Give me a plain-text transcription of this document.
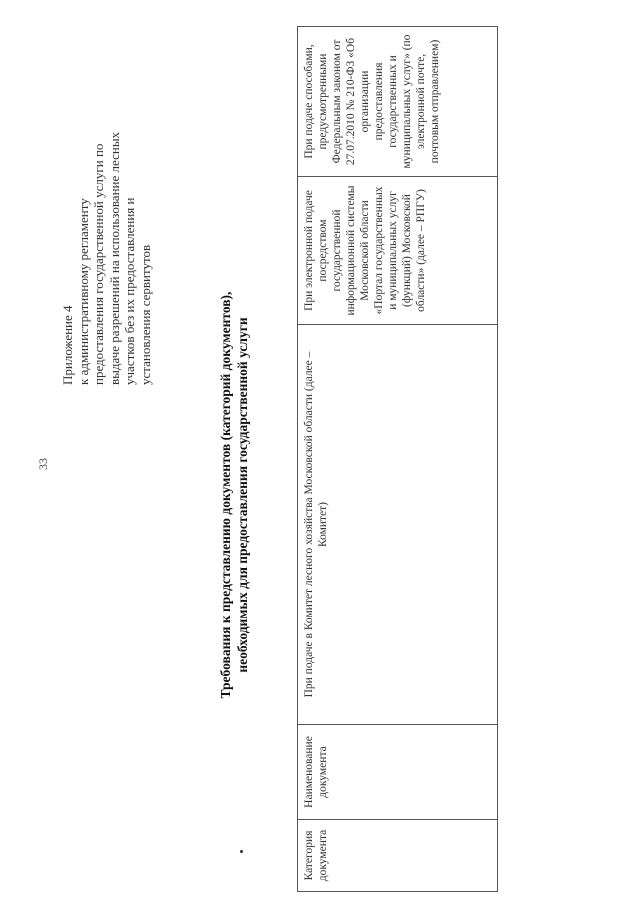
33
Приложение 4 к административному регламенту предоставления государственной услуги по выдаче разрешений на использование лесных участков без их предоставления и установления сервитутов	Требования к представлению документов (категорий документов), необходимых для предоставления государственной услуги
Категория документа	Наименование документа	При подаче в Комитет лесного хозяйства Московской области (далее – Комитет)	При электронной подаче посредством государственной информационной системы Московской области «Портал государственных и муниципальных услуг (функций) Московской области» (далее – РПГУ)	При подаче способами, предусмотренными Федеральным законом от 27.07.2010 № 210-ФЗ «Об организации предоставления государственных и муниципальных услуг» (по электронной почте, почтовым отправлением)
